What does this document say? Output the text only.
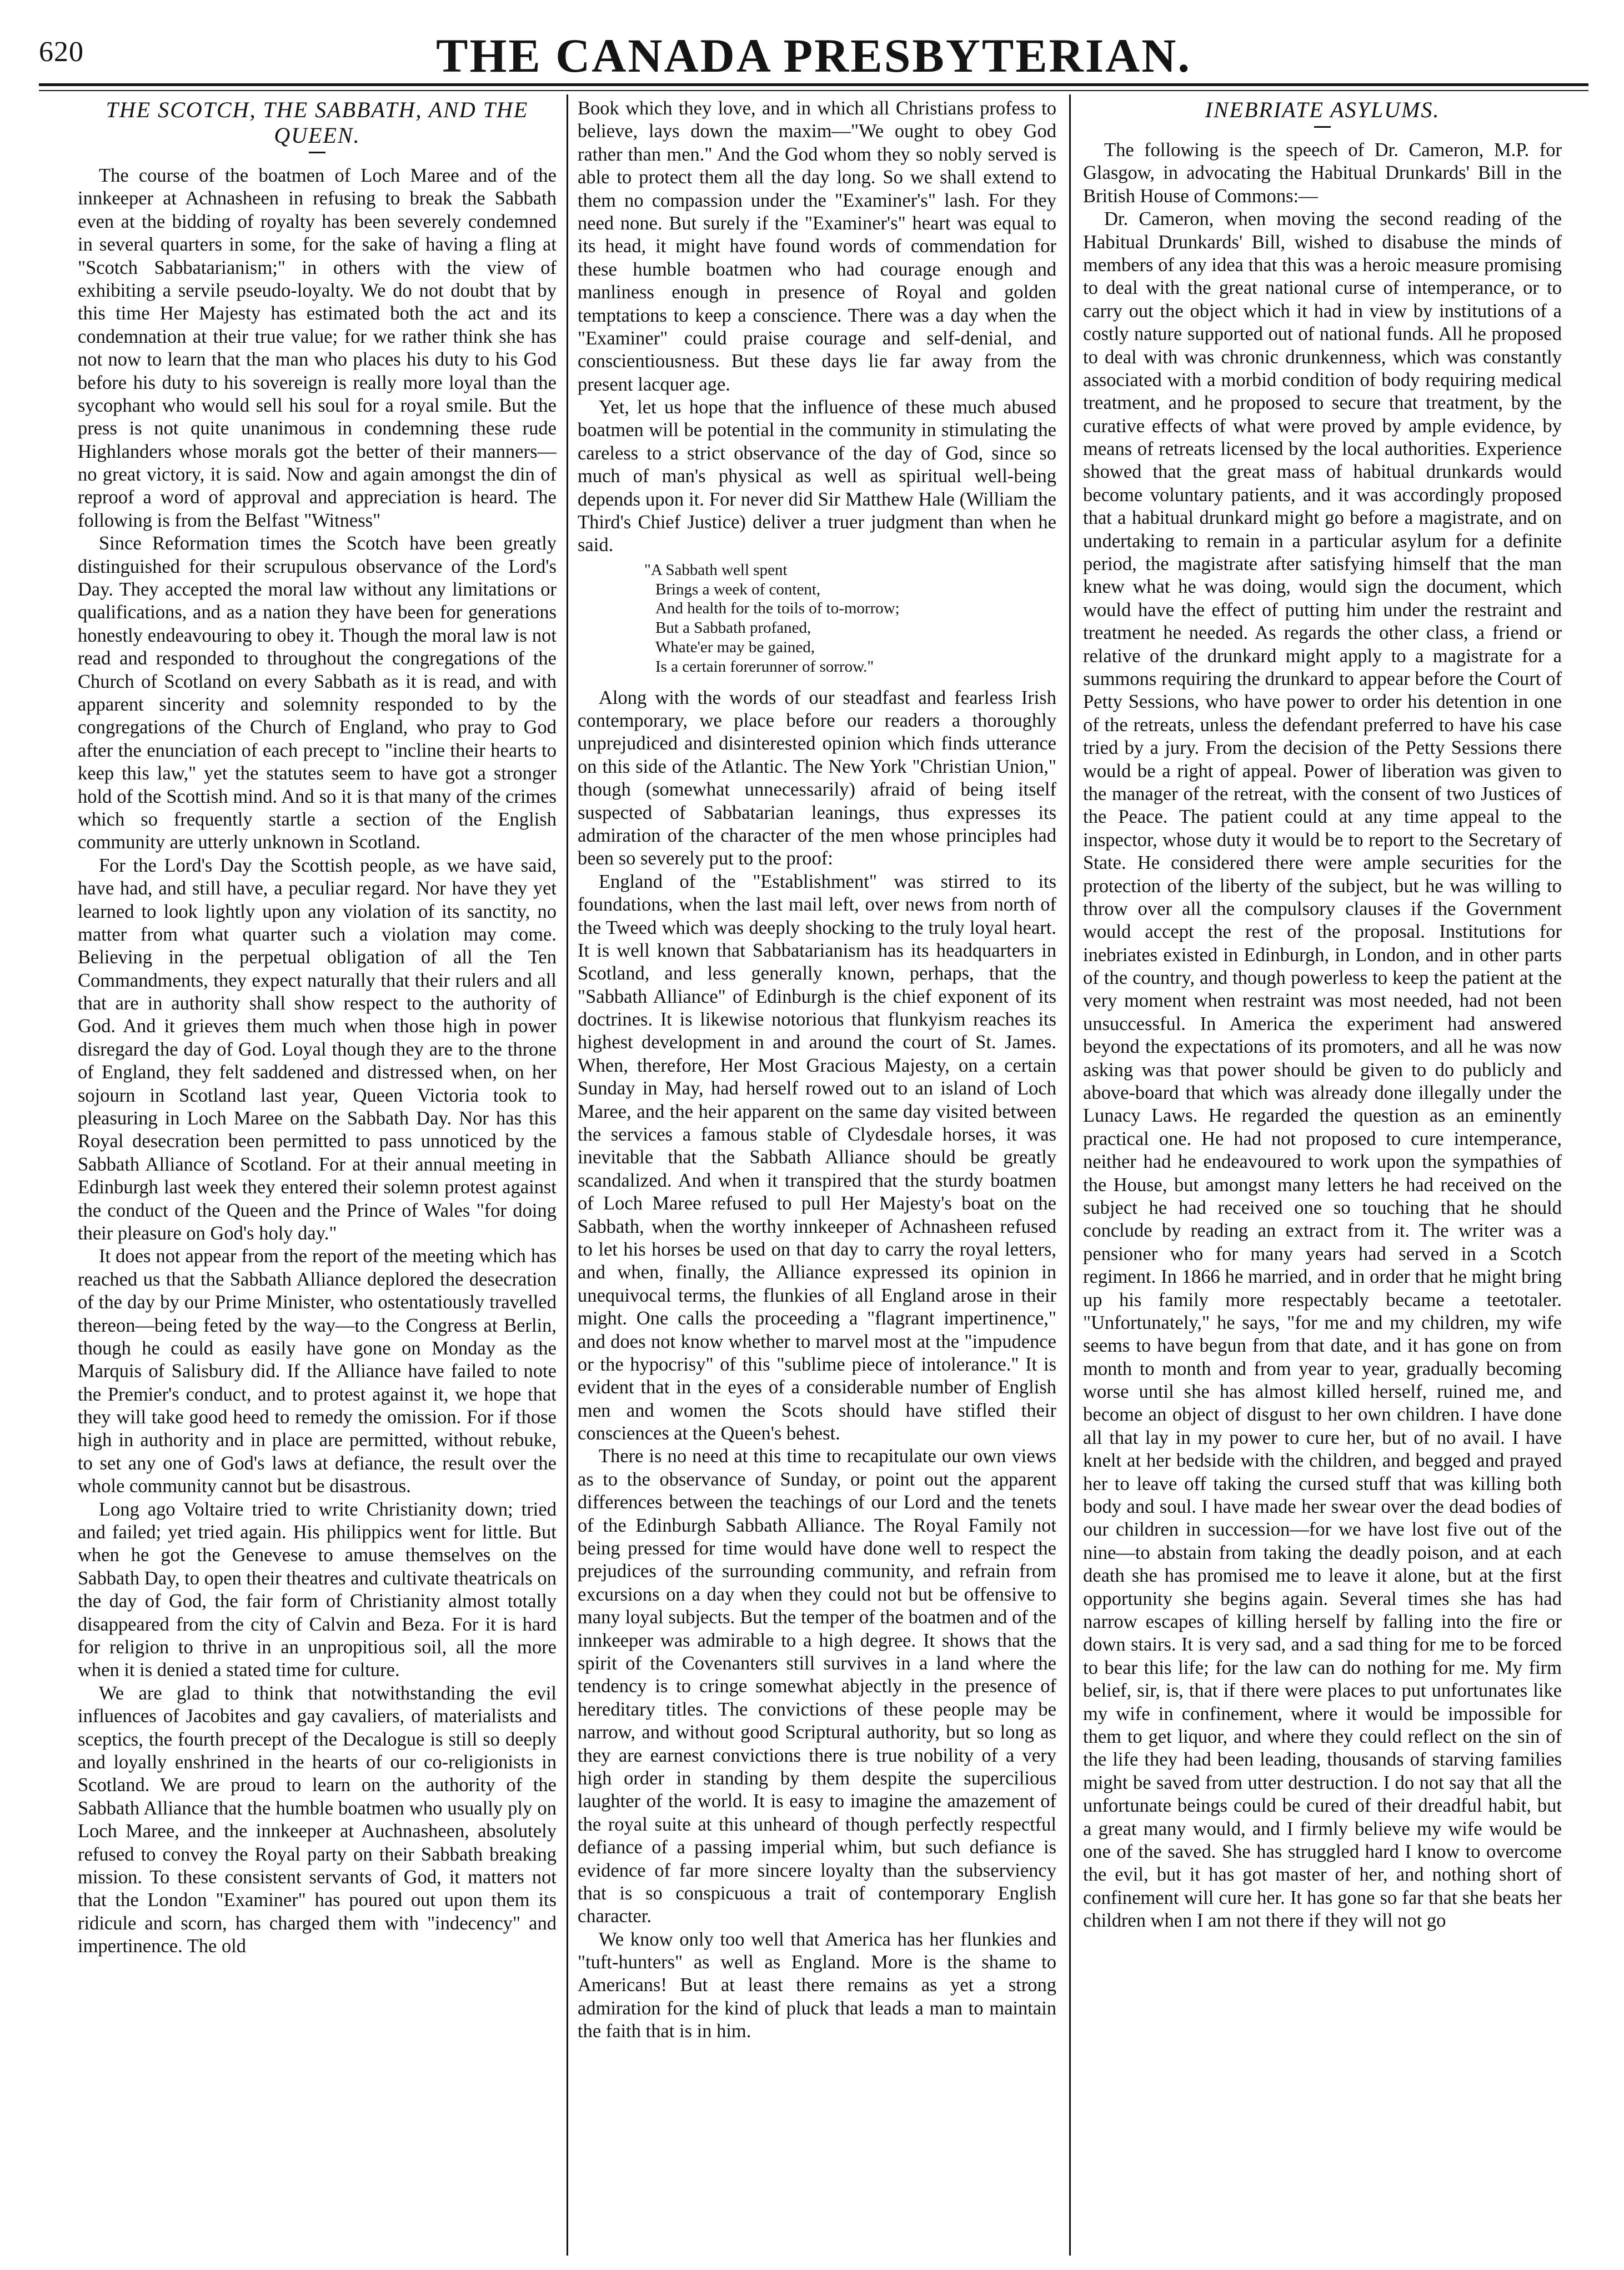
620	THE CANADA PRESBYTERIAN.
THE SCOTCH, THE SABBATH, AND THE QUEEN.

The course of the boatmen of Loch Maree and of the innkeeper at Achnasheen in refusing to break the Sabbath even at the bidding of royalty has been severely condemned in several quarters in some, for the sake of having a fling at "Scotch Sabbatarianism;" in others with the view of exhibiting a servile pseudo-loyalty. We do not doubt that by this time Her Majesty has estimated both the act and its condemnation at their true value; for we rather think she has not now to learn that the man who places his duty to his God before his duty to his sovereign is really more loyal than the sycophant who would sell his soul for a royal smile. But the press is not quite unanimous in condemning these rude Highlanders whose morals got the better of their manners—no great victory, it is said. Now and again amongst the din of reproof a word of approval and appreciation is heard. The following is from the Belfast "Witness"

Since Reformation times the Scotch have been greatly distinguished for their scrupulous observance of the Lord's Day. They accepted the moral law without any limitations or qualifications, and as a nation they have been for generations honestly endeavouring to obey it. Though the moral law is not read and responded to throughout the congregations of the Church of Scotland on every Sabbath as it is read, and with apparent sincerity and solemnity responded to by the congregations of the Church of England, who pray to God after the enunciation of each precept to "incline their hearts to keep this law," yet the statutes seem to have got a stronger hold of the Scottish mind. And so it is that many of the crimes which so frequently startle a section of the English community are utterly unknown in Scotland.

For the Lord's Day the Scottish people, as we have said, have had, and still have, a peculiar regard. Nor have they yet learned to look lightly upon any violation of its sanctity, no matter from what quarter such a violation may come. Believing in the perpetual obligation of all the Ten Commandments, they expect naturally that their rulers and all that are in authority shall show respect to the authority of God. And it grieves them much when those high in power disregard the day of God. Loyal though they are to the throne of England, they felt saddened and distressed when, on her sojourn in Scotland last year, Queen Victoria took to pleasuring in Loch Maree on the Sabbath Day. Nor has this Royal desecration been permitted to pass unnoticed by the Sabbath Alliance of Scotland. For at their annual meeting in Edinburgh last week they entered their solemn protest against the conduct of the Queen and the Prince of Wales "for doing their pleasure on God's holy day."

It does not appear from the report of the meeting which has reached us that the Sabbath Alliance deplored the desecration of the day by our Prime Minister, who ostentatiously travelled thereon—being feted by the way—to the Congress at Berlin, though he could as easily have gone on Monday as the Marquis of Salisbury did. If the Alliance have failed to note the Premier's conduct, and to protest against it, we hope that they will take good heed to remedy the omission. For if those high in authority and in place are permitted, without rebuke, to set any one of God's laws at defiance, the result over the whole community cannot but be disastrous.

Long ago Voltaire tried to write Christianity down; tried and failed; yet tried again. His philippics went for little. But when he got the Genevese to amuse themselves on the Sabbath Day, to open their theatres and cultivate theatricals on the day of God, the fair form of Christianity almost totally disappeared from the city of Calvin and Beza. For it is hard for religion to thrive in an unpropitious soil, all the more when it is denied a stated time for culture.

We are glad to think that notwithstanding the evil influences of Jacobites and gay cavaliers, of materialists and sceptics, the fourth precept of the Decalogue is still so deeply and loyally enshrined in the hearts of our co-religionists in Scotland. We are proud to learn on the authority of the Sabbath Alliance that the humble boatmen who usually ply on Loch Maree, and the innkeeper at Auchnasheen, absolutely refused to convey the Royal party on their Sabbath breaking mission. To these consistent servants of God, it matters not that the London "Examiner" has poured out upon them its ridicule and scorn, has charged them with "indecency" and impertinence. The old

Book which they love, and in which all Christians profess to believe, lays down the maxim—"We ought to obey God rather than men." And the God whom they so nobly served is able to protect them all the day long. So we shall extend to them no compassion under the "Examiner's" lash. For they need none. But surely if the "Examiner's" heart was equal to its head, it might have found words of commendation for these humble boatmen who had courage enough and manliness enough in presence of Royal and golden temptations to keep a conscience. There was a day when the "Examiner" could praise courage and self-denial, and conscientiousness. But these days lie far away from the present lacquer age.

Yet, let us hope that the influence of these much abused boatmen will be potential in the community in stimulating the careless to a strict observance of the day of God, since so much of man's physical as well as spiritual well-being depends upon it. For never did Sir Matthew Hale (William the Third's Chief Justice) deliver a truer judgment than when he said.

"A Sabbath well spent
Brings a week of content,
And health for the toils of to-morrow;
But a Sabbath profaned,
Whate'er may be gained,
Is a certain forerunner of sorrow."

Along with the words of our steadfast and fearless Irish contemporary, we place before our readers a thoroughly unprejudiced and disinterested opinion which finds utterance on this side of the Atlantic. The New York "Christian Union," though (somewhat unnecessarily) afraid of being itself suspected of Sabbatarian leanings, thus expresses its admiration of the character of the men whose principles had been so severely put to the proof:

England of the "Establishment" was stirred to its foundations, when the last mail left, over news from north of the Tweed which was deeply shocking to the truly loyal heart. It is well known that Sabbatarianism has its headquarters in Scotland, and less generally known, perhaps, that the "Sabbath Alliance" of Edinburgh is the chief exponent of its doctrines. It is likewise notorious that flunkyism reaches its highest development in and around the court of St. James. When, therefore, Her Most Gracious Majesty, on a certain Sunday in May, had herself rowed out to an island of Loch Maree, and the heir apparent on the same day visited between the services a famous stable of Clydesdale horses, it was inevitable that the Sabbath Alliance should be greatly scandalized. And when it transpired that the sturdy boatmen of Loch Maree refused to pull Her Majesty's boat on the Sabbath, when the worthy innkeeper of Achnasheen refused to let his horses be used on that day to carry the royal letters, and when, finally, the Alliance expressed its opinion in unequivocal terms, the flunkies of all England arose in their might. One calls the proceeding a "flagrant impertinence," and does not know whether to marvel most at the "impudence or the hypocrisy" of this "sublime piece of intolerance." It is evident that in the eyes of a considerable number of English men and women the Scots should have stifled their consciences at the Queen's behest.

There is no need at this time to recapitulate our own views as to the observance of Sunday, or point out the apparent differences between the teachings of our Lord and the tenets of the Edinburgh Sabbath Alliance. The Royal Family not being pressed for time would have done well to respect the prejudices of the surrounding community, and refrain from excursions on a day when they could not but be offensive to many loyal subjects. But the temper of the boatmen and of the innkeeper was admirable to a high degree. It shows that the spirit of the Covenanters still survives in a land where the tendency is to cringe somewhat abjectly in the presence of hereditary titles. The convictions of these people may be narrow, and without good Scriptural authority, but so long as they are earnest convictions there is true nobility of a very high order in standing by them despite the supercilious laughter of the world. It is easy to imagine the amazement of the royal suite at this unheard of though perfectly respectful defiance of a passing imperial whim, but such defiance is evidence of far more sincere loyalty than the subserviency that is so conspicuous a trait of contemporary English character.

We know only too well that America has her flunkies and "tuft-hunters" as well as England. More is the shame to Americans! But at least there remains as yet a strong admiration for the kind of pluck that leads a man to maintain the faith that is in him.

INEBRIATE ASYLUMS.

The following is the speech of Dr. Cameron, M.P. for Glasgow, in advocating the Habitual Drunkards' Bill in the British House of Commons:—

Dr. Cameron, when moving the second reading of the Habitual Drunkards' Bill, wished to disabuse the minds of members of any idea that this was a heroic measure promising to deal with the great national curse of intemperance, or to carry out the object which it had in view by institutions of a costly nature supported out of national funds. All he proposed to deal with was chronic drunkenness, which was constantly associated with a morbid condition of body requiring medical treatment, and he proposed to secure that treatment, by the curative effects of what were proved by ample evidence, by means of retreats licensed by the local authorities. Experience showed that the great mass of habitual drunkards would become voluntary patients, and it was accordingly proposed that a habitual drunkard might go before a magistrate, and on undertaking to remain in a particular asylum for a definite period, the magistrate after satisfying himself that the man knew what he was doing, would sign the document, which would have the effect of putting him under the restraint and treatment he needed. As regards the other class, a friend or relative of the drunkard might apply to a magistrate for a summons requiring the drunkard to appear before the Court of Petty Sessions, who have power to order his detention in one of the retreats, unless the defendant preferred to have his case tried by a jury. From the decision of the Petty Sessions there would be a right of appeal. Power of liberation was given to the manager of the retreat, with the consent of two Justices of the Peace. The patient could at any time appeal to the inspector, whose duty it would be to report to the Secretary of State. He considered there were ample securities for the protection of the liberty of the subject, but he was willing to throw over all the compulsory clauses if the Government would accept the rest of the proposal. Institutions for inebriates existed in Edinburgh, in London, and in other parts of the country, and though powerless to keep the patient at the very moment when restraint was most needed, had not been unsuccessful. In America the experiment had answered beyond the expectations of its promoters, and all he was now asking was that power should be given to do publicly and above-board that which was already done illegally under the Lunacy Laws. He regarded the question as an eminently practical one. He had not proposed to cure intemperance, neither had he endeavoured to work upon the sympathies of the House, but amongst many letters he had received on the subject he had received one so touching that he should conclude by reading an extract from it. The writer was a pensioner who for many years had served in a Scotch regiment. In 1866 he married, and in order that he might bring up his family more respectably became a teetotaler. "Unfortunately," he says, "for me and my children, my wife seems to have begun from that date, and it has gone on from month to month and from year to year, gradually becoming worse until she has almost killed herself, ruined me, and become an object of disgust to her own children. I have done all that lay in my power to cure her, but of no avail. I have knelt at her bedside with the children, and begged and prayed her to leave off taking the cursed stuff that was killing both body and soul. I have made her swear over the dead bodies of our children in succession—for we have lost five out of the nine—to abstain from taking the deadly poison, and at each death she has promised me to leave it alone, but at the first opportunity she begins again. Several times she has had narrow escapes of killing herself by falling into the fire or down stairs. It is very sad, and a sad thing for me to be forced to bear this life; for the law can do nothing for me. My firm belief, sir, is, that if there were places to put unfortunates like my wife in confinement, where it would be impossible for them to get liquor, and where they could reflect on the sin of the life they had been leading, thousands of starving families might be saved from utter destruction. I do not say that all the unfortunate beings could be cured of their dreadful habit, but a great many would, and I firmly believe my wife would be one of the saved. She has struggled hard I know to overcome the evil, but it has got master of her, and nothing short of confinement will cure her. It has gone so far that she beats her children when I am not there if they will not go
